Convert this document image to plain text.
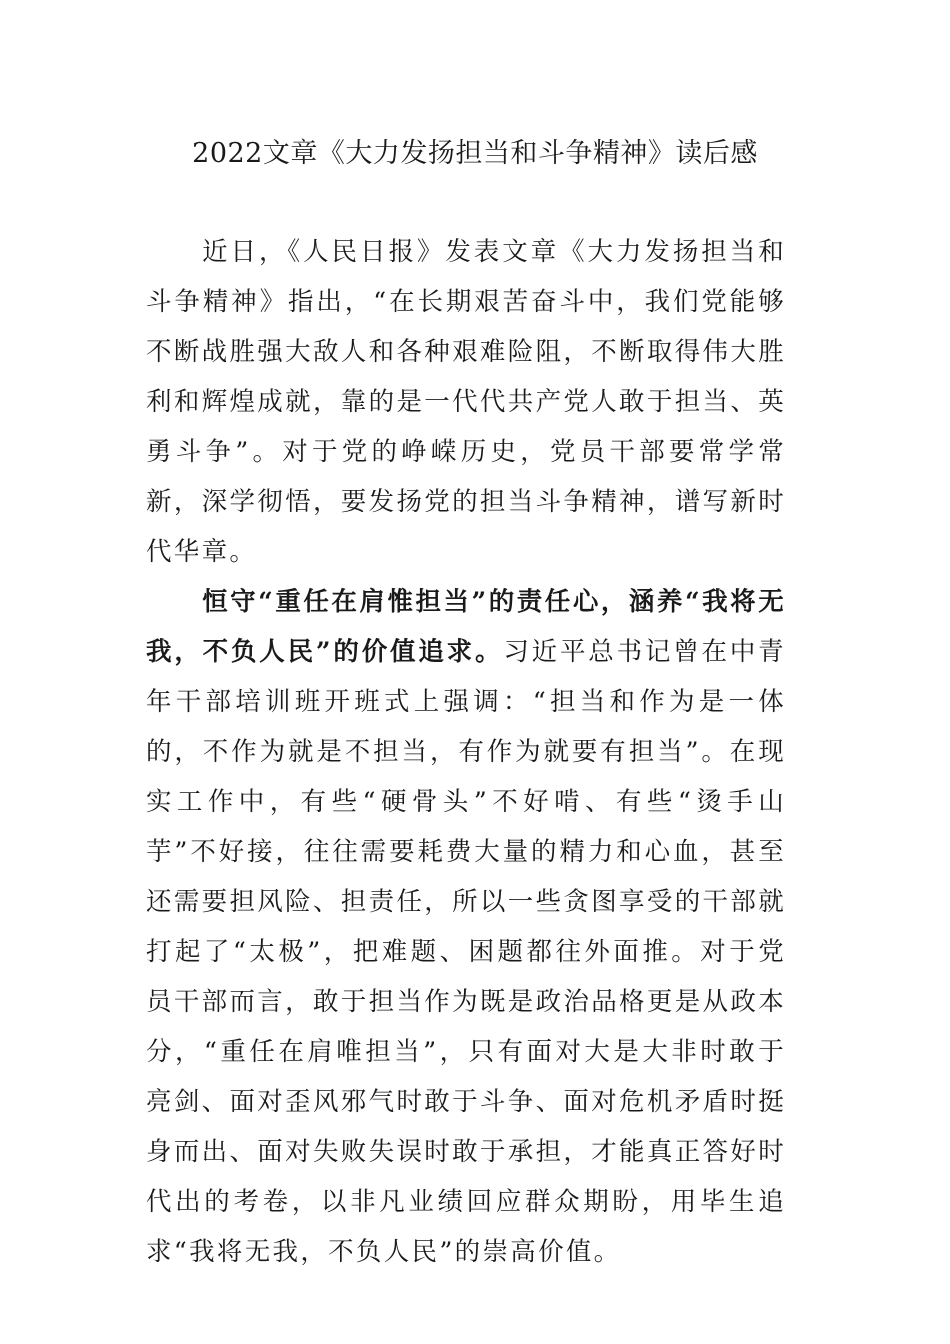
2022文章《大力发扬担当和斗争精神》读后感

近日，《人民日报》发表文章《大力发扬担当和斗争精神》指出，“在长期艰苦奋斗中，我们党能够不断战胜强大敌人和各种艰难险阻，不断取得伟大胜利和辉煌成就，靠的是一代代共产党人敢于担当、英勇斗争”。对于党的峥嵘历史，党员干部要常学常新，深学彻悟，要发扬党的担当斗争精神，谱写新时代华章。

恒守“重任在肩惟担当”的责任心，涵养“我将无我，不负人民”的价值追求。习近平总书记曾在中青年干部培训班开班式上强调：“担当和作为是一体的，不作为就是不担当，有作为就要有担当”。在现实工作中，有些“硬骨头”不好啃、有些“烫手山芋”不好接，往往需要耗费大量的精力和心血，甚至还需要担风险、担责任，所以一些贪图享受的干部就打起了“太极”，把难题、困题都往外面推。对于党员干部而言，敢于担当作为既是政治品格更是从政本分，“重任在肩唯担当”，只有面对大是大非时敢于亮剑、面对歪风邪气时敢于斗争、面对危机矛盾时挺身而出、面对失败失误时敢于承担，才能真正答好时代出的考卷，以非凡业绩回应群众期盼，用毕生追求“我将无我，不负人民”的崇高价值。
